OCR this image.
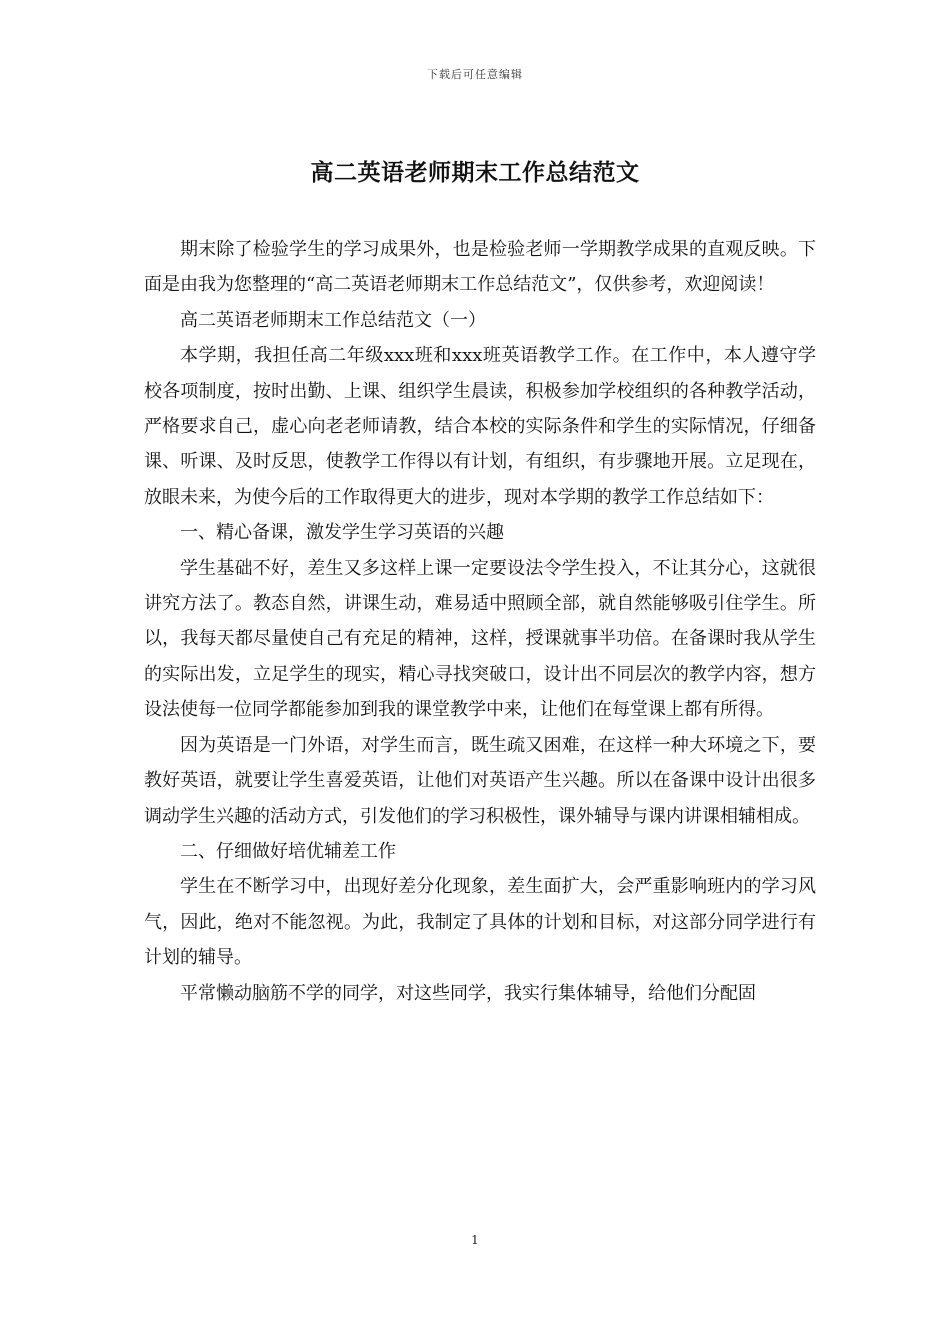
下载后可任意编辑
高二英语老师期末工作总结范文

期末除了检验学生的学习成果外，也是检验老师一学期教学成果的直观反映。下面是由我为您整理的“高二英语老师期末工作总结范文”，仅供参考，欢迎阅读！

高二英语老师期末工作总结范文（一）

本学期，我担任高二年级xxx班和xxx班英语教学工作。在工作中，本人遵守学校各项制度，按时出勤、上课、组织学生晨读，积极参加学校组织的各种教学活动，严格要求自己，虚心向老老师请教，结合本校的实际条件和学生的实际情况，仔细备课、听课、及时反思，使教学工作得以有计划，有组织，有步骤地开展。立足现在，放眼未来，为使今后的工作取得更大的进步，现对本学期的教学工作总结如下：

一、精心备课，激发学生学习英语的兴趣

学生基础不好，差生又多这样上课一定要设法令学生投入，不让其分心，这就很讲究方法了。教态自然，讲课生动，难易适中照顾全部，就自然能够吸引住学生。所以，我每天都尽量使自己有充足的精神，这样，授课就事半功倍。在备课时我从学生的实际出发，立足学生的现实，精心寻找突破口，设计出不同层次的教学内容，想方设法使每一位同学都能参加到我的课堂教学中来，让他们在每堂课上都有所得。

因为英语是一门外语，对学生而言，既生疏又困难，在这样一种大环境之下，要教好英语，就要让学生喜爱英语，让他们对英语产生兴趣。所以在备课中设计出很多调动学生兴趣的活动方式，引发他们的学习积极性，课外辅导与课内讲课相辅相成。

二、仔细做好培优辅差工作

学生在不断学习中，出现好差分化现象，差生面扩大，会严重影响班内的学习风气，因此，绝对不能忽视。为此，我制定了具体的计划和目标，对这部分同学进行有计划的辅导。

平常懒动脑筋不学的同学，对这些同学，我实行集体辅导，给他们分配固

1
